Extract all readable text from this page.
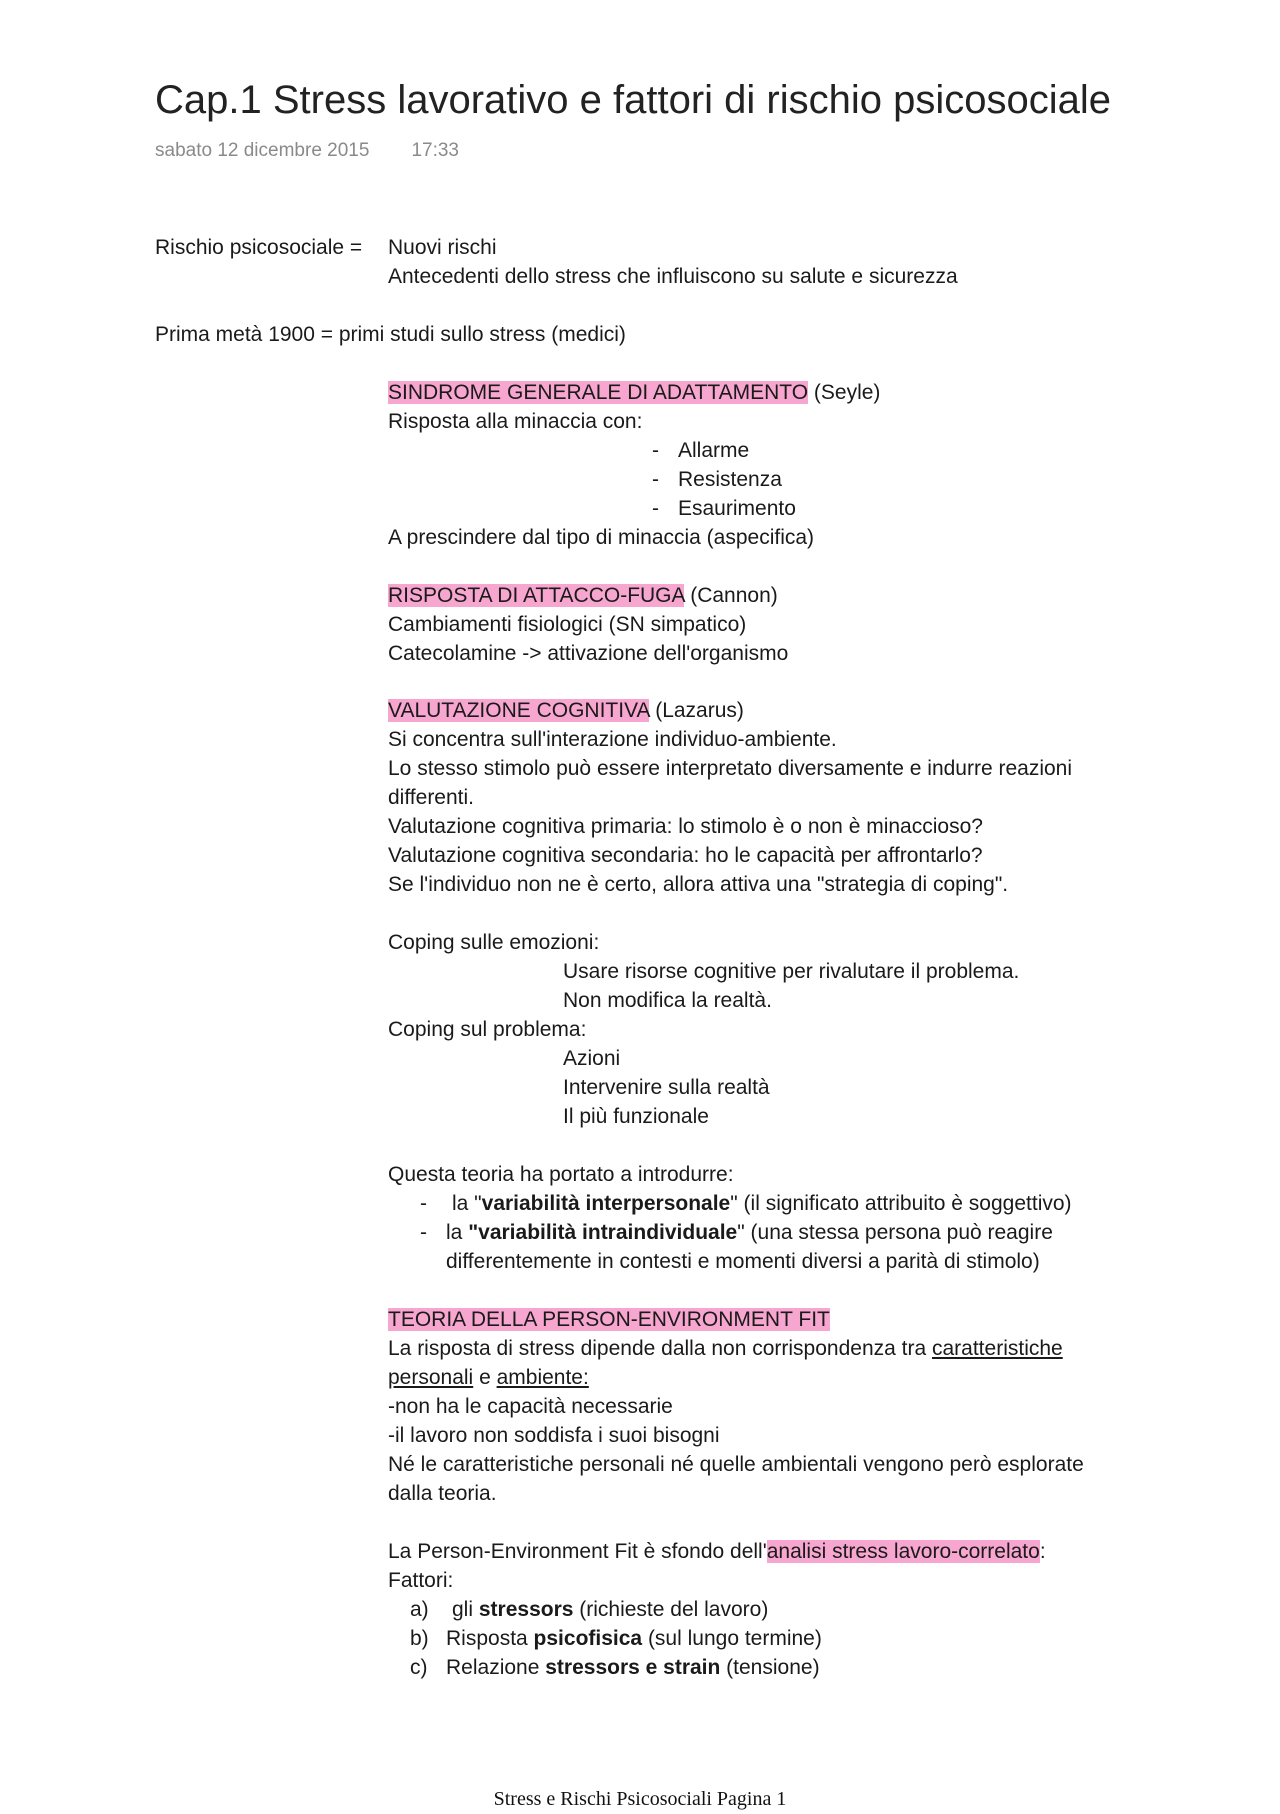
Cap.1 Stress lavorativo e fattori di rischio psicosociale
sabato 12 dicembre 2015 17:33
Rischio psicosociale = Nuovi rischi
Antecedenti dello stress che influiscono su salute e sicurezza
Prima metà 1900 = primi studi sullo stress (medici)
SINDROME GENERALE DI ADATTAMENTO (Seyle)
Risposta alla minaccia con:
- Allarme
- Resistenza
- Esaurimento
A prescindere dal tipo di minaccia (aspecifica)
RISPOSTA DI ATTACCO-FUGA (Cannon)
Cambiamenti fisiologici (SN simpatico)
Catecolamine -> attivazione dell'organismo
VALUTAZIONE COGNITIVA (Lazarus)
Si concentra sull'interazione individuo-ambiente.
Lo stesso stimolo può essere interpretato diversamente e indurre reazioni
differenti.
Valutazione cognitiva primaria: lo stimolo è o non è minaccioso?
Valutazione cognitiva secondaria: ho le capacità per affrontarlo?
Se l'individuo non ne è certo, allora attiva una "strategia di coping".
Coping sulle emozioni:
Usare risorse cognitive per rivalutare il problema.
Non modifica la realtà.
Coping sul problema:
Azioni
Intervenire sulla realtà
Il più funzionale
Questa teoria ha portato a introdurre:
- la "variabilità interpersonale" (il significato attribuito è soggettivo)
- la "variabilità intraindividuale" (una stessa persona può reagire
differentemente in contesti e momenti diversi a parità di stimolo)
TEORIA DELLA PERSON-ENVIRONMENT FIT
La risposta di stress dipende dalla non corrispondenza tra caratteristiche
personali e ambiente:
-non ha le capacità necessarie
-il lavoro non soddisfa i suoi bisogni
Né le caratteristiche personali né quelle ambientali vengono però esplorate
dalla teoria.
La Person-Environment Fit è sfondo dell'analisi stress lavoro-correlato:
Fattori:
a) gli stressors (richieste del lavoro)
b) Risposta psicofisica (sul lungo termine)
c) Relazione stressors e strain (tensione)
Stress e Rischi Psicosociali Pagina 1
